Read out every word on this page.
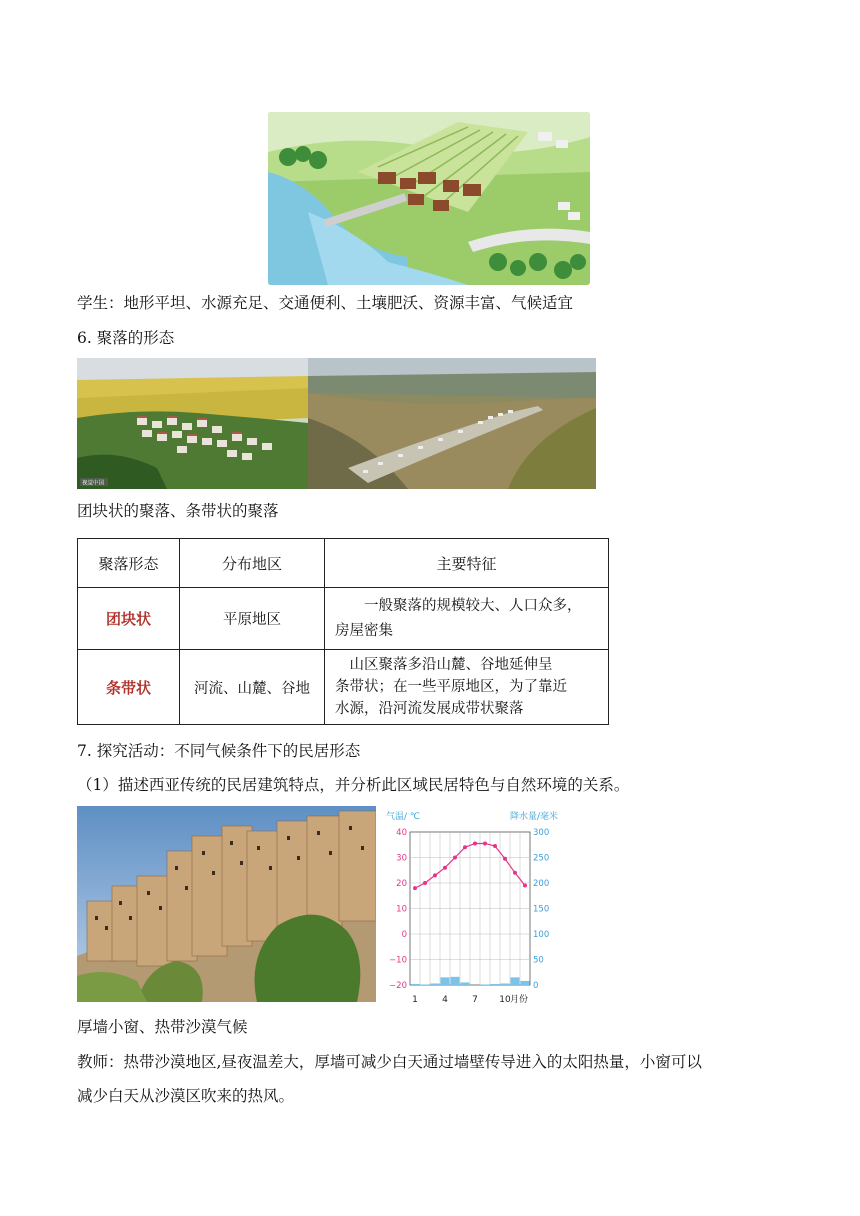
学生：地形平坦、水源充足、交通便利、土壤肥沃、资源丰富、气候适宜
6. 聚落的形态
视觉中国
团块状的聚落、条带状的聚落
聚落形态	分布地区	主要特征
团块状	平原地区	一般聚落的规模较大、人口众多，
房屋密集

条带状	河流、山麓、谷地	山区聚落多沿山麓、谷地延伸呈
条带状；在一些平原地区，为了靠近
水源，沿河流发展成带状聚落
7. 探究活动：不同气候条件下的民居形态
（1）描述西亚传统的民居建筑特点，并分析此区域民居特色与自然环境的关系。
气温/ ℃	降水量/毫米
40
30
20
10
0
−10
−20
300
250
200
150
100
50
0
1	4	7 10 月份
厚墙小窗、热带沙漠气候
教师：热带沙漠地区,昼夜温差大，厚墙可减少白天通过墙壁传导进入的太阳热量，小窗可以
减少白天从沙漠区吹来的热风。
